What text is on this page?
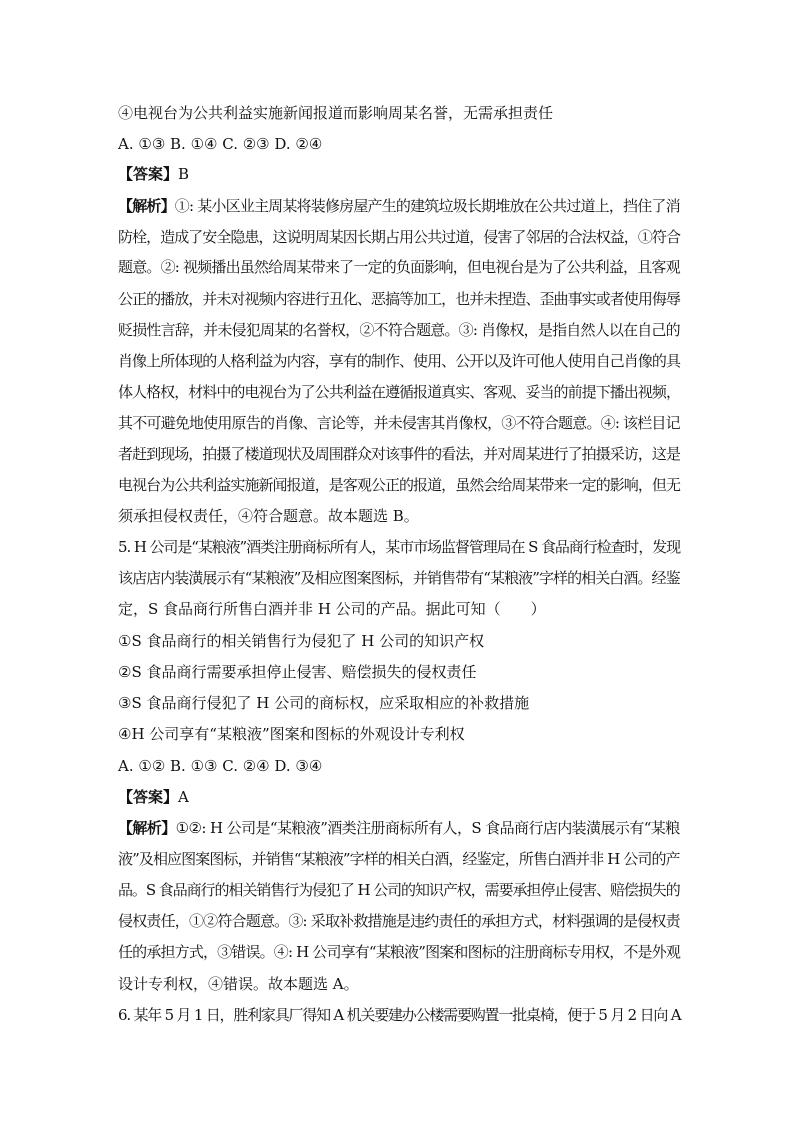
④电视台为公共利益实施新闻报道而影响周某名誉，无需承担责任
A. ①③ B. ①④ C. ②③ D. ②④
【答案】B
【解析】①: 某小区业主周某将装修房屋产生的建筑垃圾长期堆放在公共过道上，挡住了消
防栓，造成了安全隐患，这说明周某因长期占用公共过道，侵害了邻居的合法权益，①符合
题意。②: 视频播出虽然给周某带来了一定的负面影响，但电视台是为了公共利益，且客观
公正的播放，并未对视频内容进行丑化、恶搞等加工，也并未捏造、歪曲事实或者使用侮辱
贬损性言辞，并未侵犯周某的名誉权，②不符合题意。③: 肖像权，是指自然人以在自己的
肖像上所体现的人格利益为内容，享有的制作、使用、公开以及许可他人使用自己肖像的具
体人格权，材料中的电视台为了公共利益在遵循报道真实、客观、妥当的前提下播出视频，
其不可避免地使用原告的肖像、言论等，并未侵害其肖像权，③不符合题意。④: 该栏目记
者赶到现场，拍摄了楼道现状及周围群众对该事件的看法，并对周某进行了拍摄采访，这是
电视台为公共利益实施新闻报道，是客观公正的报道，虽然会给周某带来一定的影响，但无
须承担侵权责任，④符合题意。故本题选 B。
5. H 公司是“某粮液”酒类注册商标所有人，某市市场监督管理局在 S 食品商行检查时，发现
该店店内装潢展示有“某粮液”及相应图案图标，并销售带有“某粮液”字样的相关白酒。经鉴
定，S 食品商行所售白酒并非 H 公司的产品。据此可知（　　）
①S 食品商行的相关销售行为侵犯了 H 公司的知识产权
②S 食品商行需要承担停止侵害、赔偿损失的侵权责任
③S 食品商行侵犯了 H 公司的商标权，应采取相应的补救措施
④H 公司享有“某粮液”图案和图标的外观设计专利权
A. ①② B. ①③ C. ②④ D. ③④
【答案】A
【解析】①②: H 公司是“某粮液”酒类注册商标所有人，S 食品商行店内装潢展示有“某粮
液”及相应图案图标，并销售“某粮液”字样的相关白酒，经鉴定，所售白酒并非 H 公司的产
品。S 食品商行的相关销售行为侵犯了 H 公司的知识产权，需要承担停止侵害、赔偿损失的
侵权责任，①②符合题意。③: 采取补救措施是违约责任的承担方式，材料强调的是侵权责
任的承担方式，③错误。④: H 公司享有“某粮液”图案和图标的注册商标专用权，不是外观
设计专利权，④错误。故本题选 A。
6. 某年 5 月 1 日，胜利家具厂得知 A 机关要建办公楼需要购置一批桌椅，便于 5 月 2 日向 A
